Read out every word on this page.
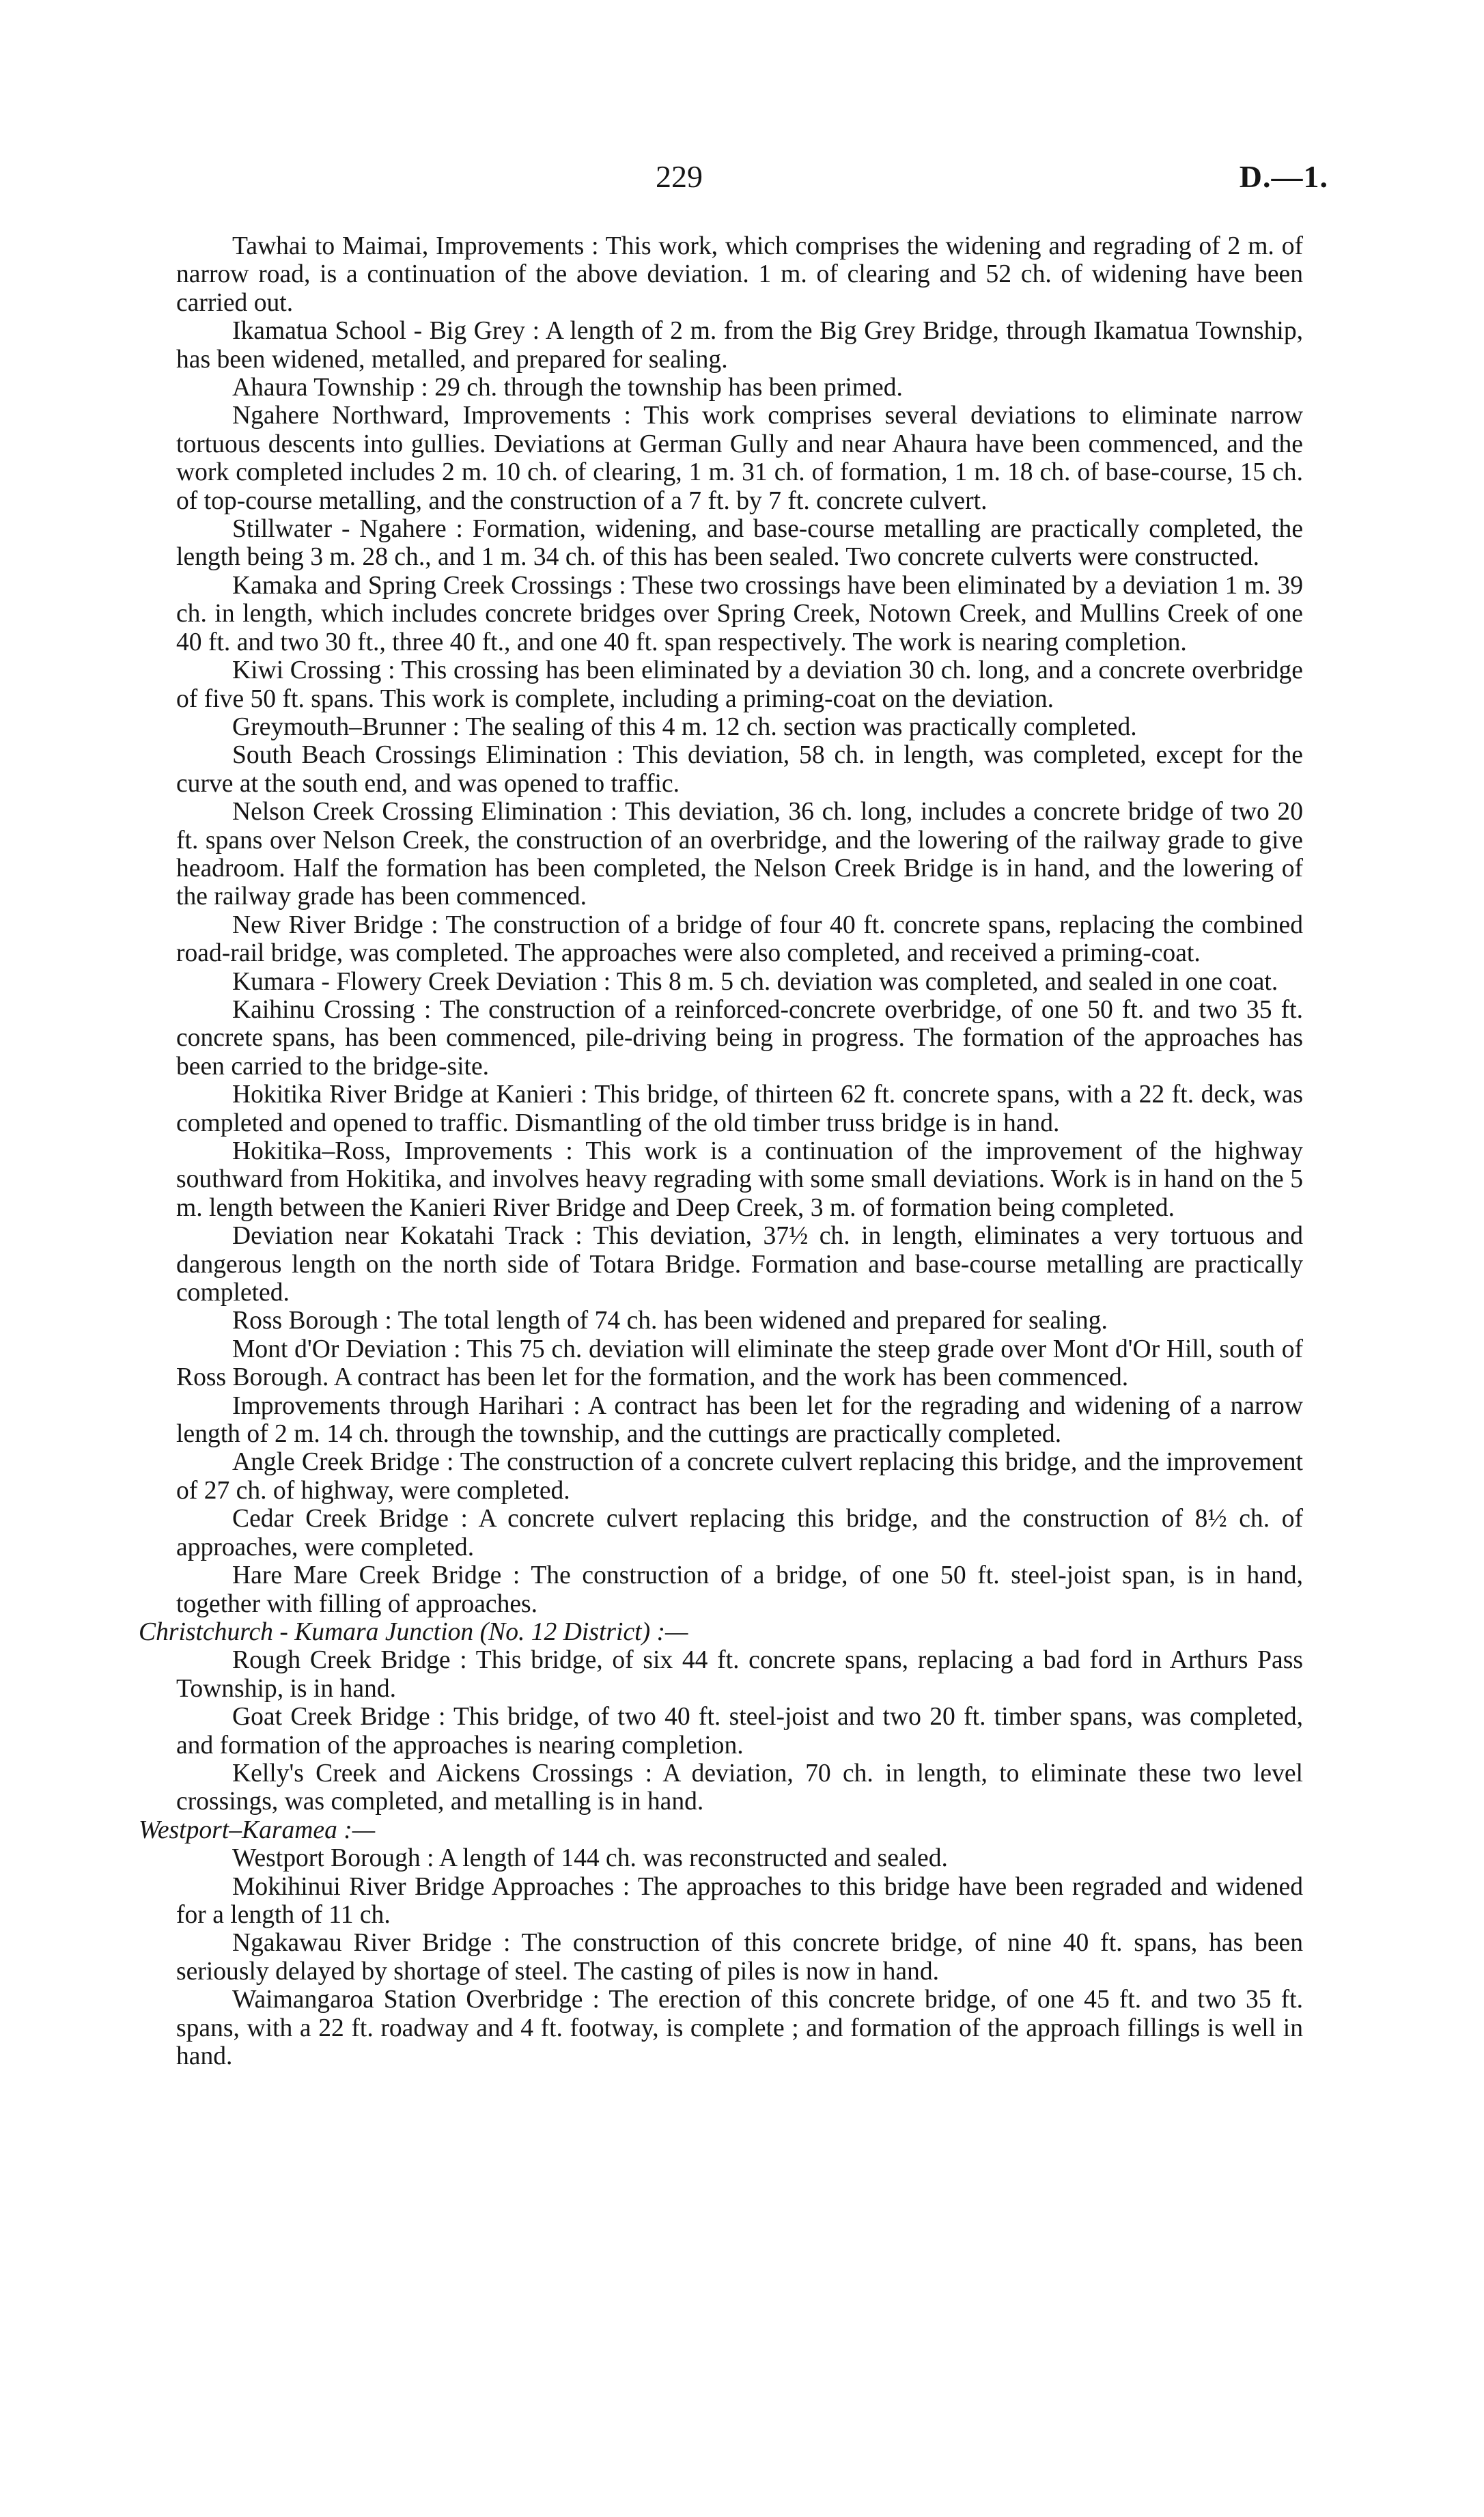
229	D.—1.

Tawhai to Maimai, Improvements : This work, which comprises the widening and regrading of 2 m. of narrow road, is a continuation of the above deviation. 1 m. of clearing and 52 ch. of widening have been carried out.

Ikamatua School - Big Grey : A length of 2 m. from the Big Grey Bridge, through Ikamatua Township, has been widened, metalled, and prepared for sealing.

Ahaura Township : 29 ch. through the township has been primed.

Ngahere Northward, Improvements : This work comprises several deviations to eliminate narrow tortuous descents into gullies. Deviations at German Gully and near Ahaura have been commenced, and the work completed includes 2 m. 10 ch. of clearing, 1 m. 31 ch. of formation, 1 m. 18 ch. of base-course, 15 ch. of top-course metalling, and the construction of a 7 ft. by 7 ft. concrete culvert.

Stillwater - Ngahere : Formation, widening, and base-course metalling are practically completed, the length being 3 m. 28 ch., and 1 m. 34 ch. of this has been sealed. Two concrete culverts were constructed.

Kamaka and Spring Creek Crossings : These two crossings have been eliminated by a deviation 1 m. 39 ch. in length, which includes concrete bridges over Spring Creek, Notown Creek, and Mullins Creek of one 40 ft. and two 30 ft., three 40 ft., and one 40 ft. span respectively. The work is nearing completion.

Kiwi Crossing : This crossing has been eliminated by a deviation 30 ch. long, and a concrete overbridge of five 50 ft. spans. This work is complete, including a priming-coat on the deviation.

Greymouth–Brunner : The sealing of this 4 m. 12 ch. section was practically completed.

South Beach Crossings Elimination : This deviation, 58 ch. in length, was completed, except for the curve at the south end, and was opened to traffic.

Nelson Creek Crossing Elimination : This deviation, 36 ch. long, includes a concrete bridge of two 20 ft. spans over Nelson Creek, the construction of an overbridge, and the lowering of the railway grade to give headroom. Half the formation has been completed, the Nelson Creek Bridge is in hand, and the lowering of the railway grade has been commenced.

New River Bridge : The construction of a bridge of four 40 ft. concrete spans, replacing the combined road-rail bridge, was completed. The approaches were also completed, and received a priming-coat.

Kumara - Flowery Creek Deviation : This 8 m. 5 ch. deviation was completed, and sealed in one coat.

Kaihinu Crossing : The construction of a reinforced-concrete overbridge, of one 50 ft. and two 35 ft. concrete spans, has been commenced, pile-driving being in progress. The formation of the approaches has been carried to the bridge-site.

Hokitika River Bridge at Kanieri : This bridge, of thirteen 62 ft. concrete spans, with a 22 ft. deck, was completed and opened to traffic. Dismantling of the old timber truss bridge is in hand.

Hokitika–Ross, Improvements : This work is a continuation of the improvement of the highway southward from Hokitika, and involves heavy regrading with some small deviations. Work is in hand on the 5 m. length between the Kanieri River Bridge and Deep Creek, 3 m. of formation being completed.

Deviation near Kokatahi Track : This deviation, 37½ ch. in length, eliminates a very tortuous and dangerous length on the north side of Totara Bridge. Formation and base-course metalling are practically completed.

Ross Borough : The total length of 74 ch. has been widened and prepared for sealing.

Mont d'Or Deviation : This 75 ch. deviation will eliminate the steep grade over Mont d'Or Hill, south of Ross Borough. A contract has been let for the formation, and the work has been commenced.

Improvements through Harihari : A contract has been let for the regrading and widening of a narrow length of 2 m. 14 ch. through the township, and the cuttings are practically completed.

Angle Creek Bridge : The construction of a concrete culvert replacing this bridge, and the improvement of 27 ch. of highway, were completed.

Cedar Creek Bridge : A concrete culvert replacing this bridge, and the construction of 8½ ch. of approaches, were completed.

Hare Mare Creek Bridge : The construction of a bridge, of one 50 ft. steel-joist span, is in hand, together with filling of approaches.

Christchurch - Kumara Junction (No. 12 District) :—

Rough Creek Bridge : This bridge, of six 44 ft. concrete spans, replacing a bad ford in Arthurs Pass Township, is in hand.

Goat Creek Bridge : This bridge, of two 40 ft. steel-joist and two 20 ft. timber spans, was completed, and formation of the approaches is nearing completion.

Kelly's Creek and Aickens Crossings : A deviation, 70 ch. in length, to eliminate these two level crossings, was completed, and metalling is in hand.

Westport–Karamea :—

Westport Borough : A length of 144 ch. was reconstructed and sealed.

Mokihinui River Bridge Approaches : The approaches to this bridge have been regraded and widened for a length of 11 ch.

Ngakawau River Bridge : The construction of this concrete bridge, of nine 40 ft. spans, has been seriously delayed by shortage of steel. The casting of piles is now in hand.

Waimangaroa Station Overbridge : The erection of this concrete bridge, of one 45 ft. and two 35 ft. spans, with a 22 ft. roadway and 4 ft. footway, is complete ; and formation of the approach fillings is well in hand.
